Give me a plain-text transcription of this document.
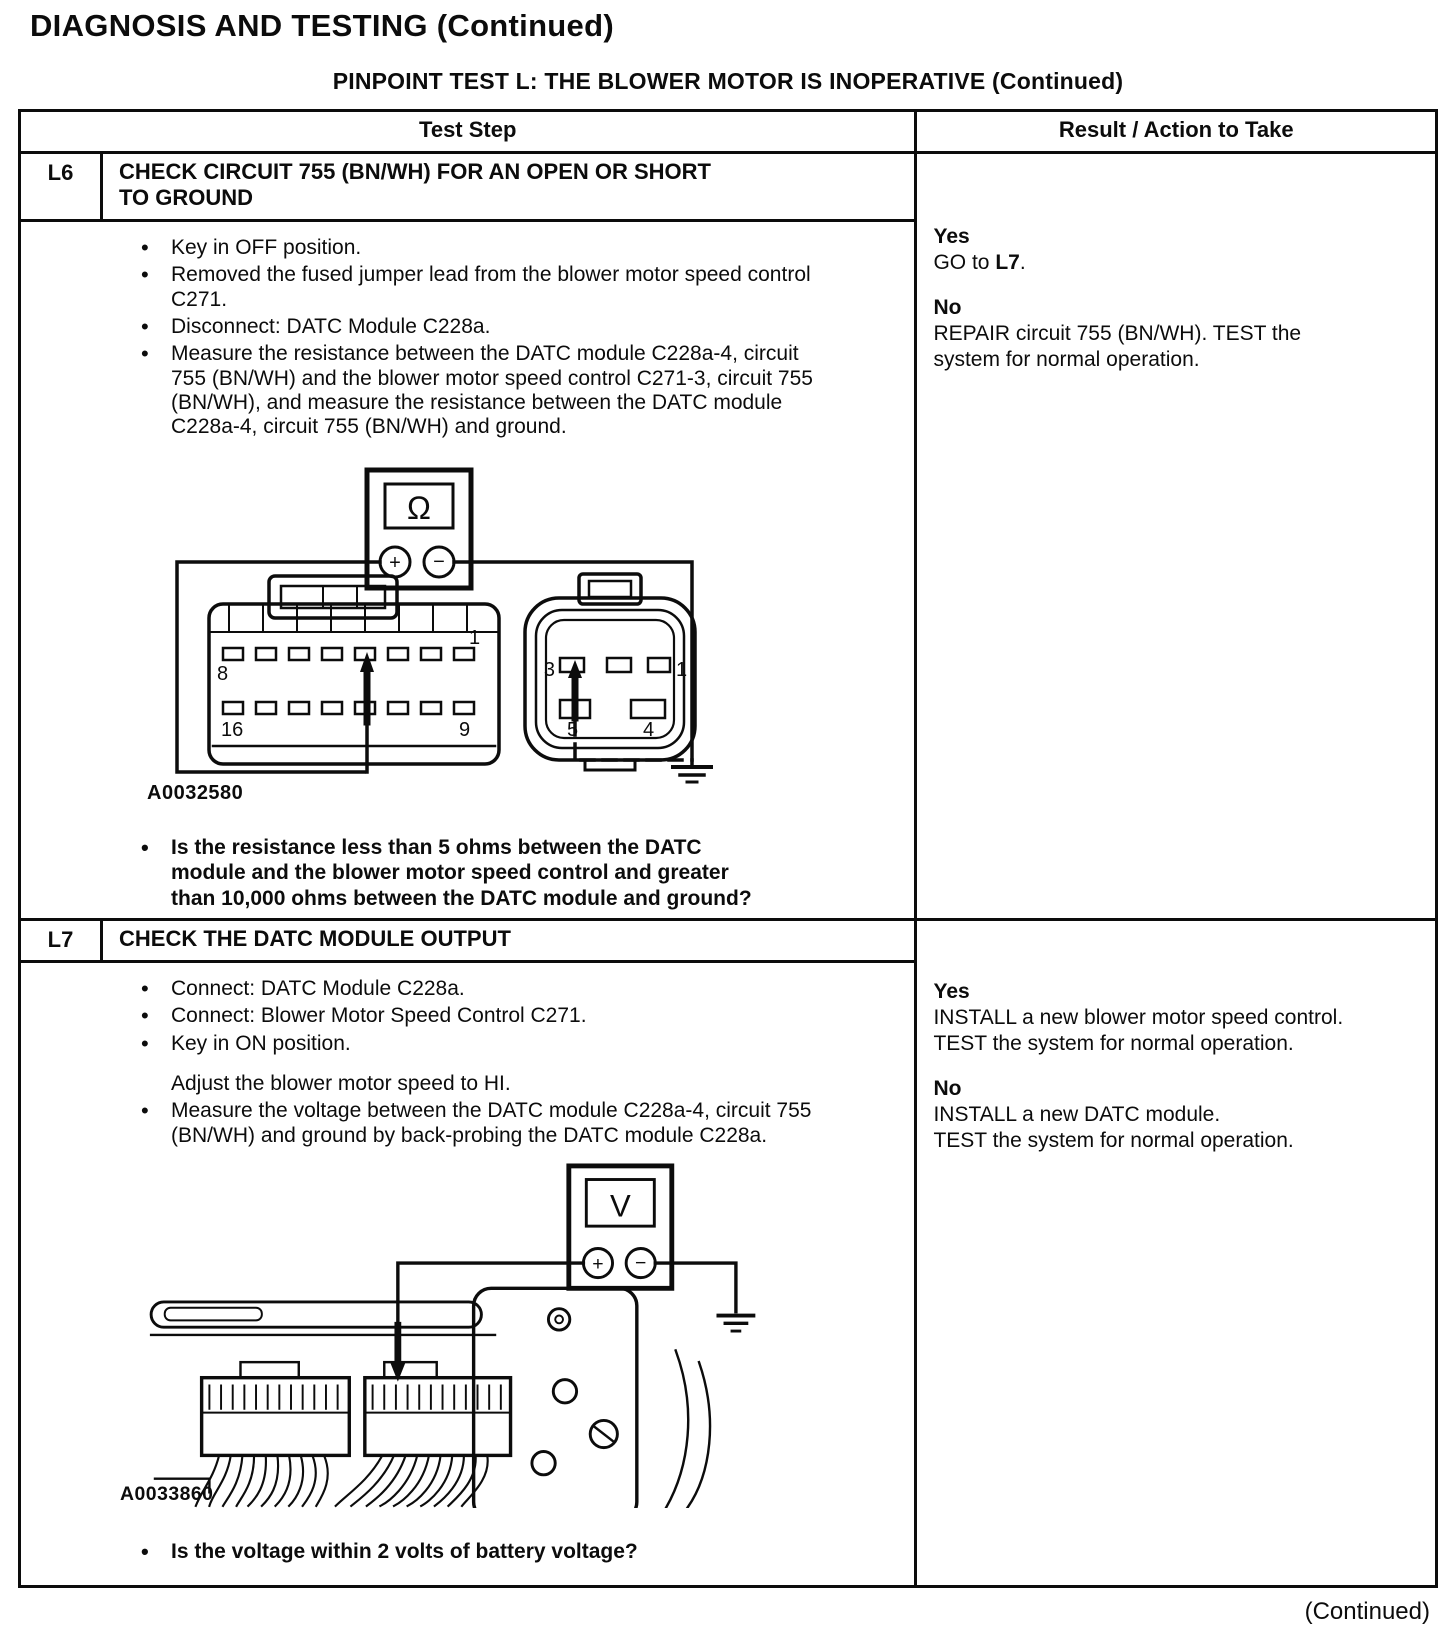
DIAGNOSIS AND TESTING (Continued)
PINPOINT TEST L: THE BLOWER MOTOR IS INOPERATIVE (Continued)
Test Step	Result / Action to Take
L6	CHECK CIRCUIT 755 (BN/WH) FOR AN OPEN OR SHORT TO GROUND
• Key in OFF position.
• Removed the fused jumper lead from the blower motor speed control C271.
• Disconnect: DATC Module C228a.
• Measure the resistance between the DATC module C228a-4, circuit 755 (BN/WH) and the blower motor speed control C271-3, circuit 755 (BN/WH), and measure the resistance between the DATC module C228a-4, circuit 755 (BN/WH) and ground.
Ω
+ −
1
8
16	9
3	1
5	4
A0032580
• Is the resistance less than 5 ohms between the DATC module and the blower motor speed control and greater than 10,000 ohms between the DATC module and ground?
Yes
GO to L7.
No
REPAIR circuit 755 (BN/WH). TEST the system for normal operation.
L7	CHECK THE DATC MODULE OUTPUT
• Connect: DATC Module C228a.
• Connect: Blower Motor Speed Control C271.
• Key in ON position.
Adjust the blower motor speed to HI.
• Measure the voltage between the DATC module C228a-4, circuit 755 (BN/WH) and ground by back-probing the DATC module C228a.
V
+ −
A0033860
• Is the voltage within 2 volts of battery voltage?
Yes
INSTALL a new blower motor speed control.
TEST the system for normal operation.
No
INSTALL a new DATC module.
TEST the system for normal operation.
(Continued)
